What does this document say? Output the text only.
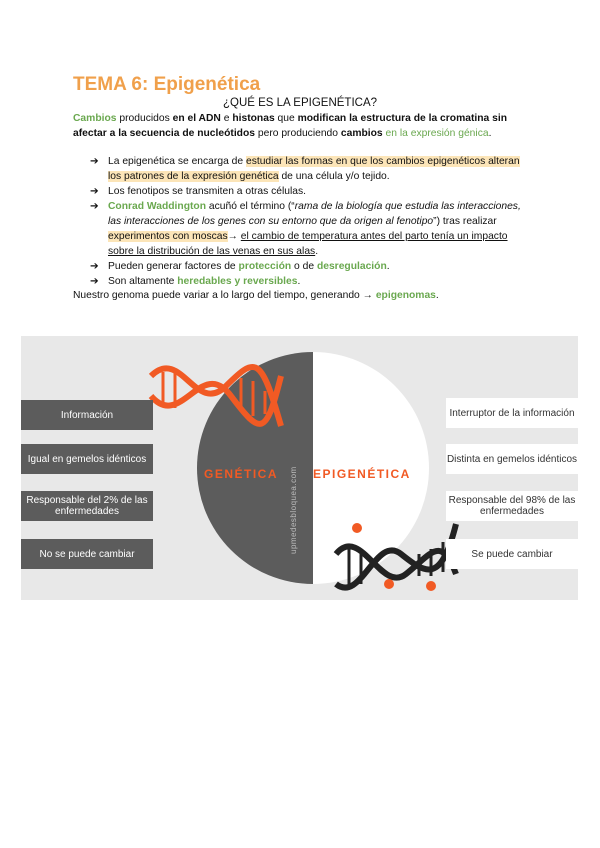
TEMA 6: Epigenética
¿QUÉ ES LA EPIGENÉTICA?
Cambios producidos en el ADN e histonas que modifican la estructura de la cromatina sin afectar a la secuencia de nucleótidos pero produciendo cambios en la expresión génica.
➔ La epigenética se encarga de estudiar las formas en que los cambios epigenéticos alteran los patrones de la expresión genética de una célula y/o tejido.
➔ Los fenotipos se transmiten a otras células.
➔ Conrad Waddington acuñó el término (“rama de la biología que estudia las interacciones, las interacciones de los genes con su entorno que da origen al fenotipo”) tras realizar experimentos con moscas→ el cambio de temperatura antes del parto tenía un impacto sobre la distribución de las venas en sus alas.
➔ Pueden generar factores de protección o de desregulación.
➔ Son altamente heredables y reversibles.
Nuestro genoma puede variar a lo largo del tiempo, generando → epigenomas.
GENÉTICA	EPIGENÉTICA
upmedesbloquea.com
Información
Igual en gemelos idénticos
Responsable del 2% de las enfermedades
No se puede cambiar
Interruptor de la información
Distinta en gemelos idénticos
Responsable del 98% de las enfermedades
Se puede cambiar
